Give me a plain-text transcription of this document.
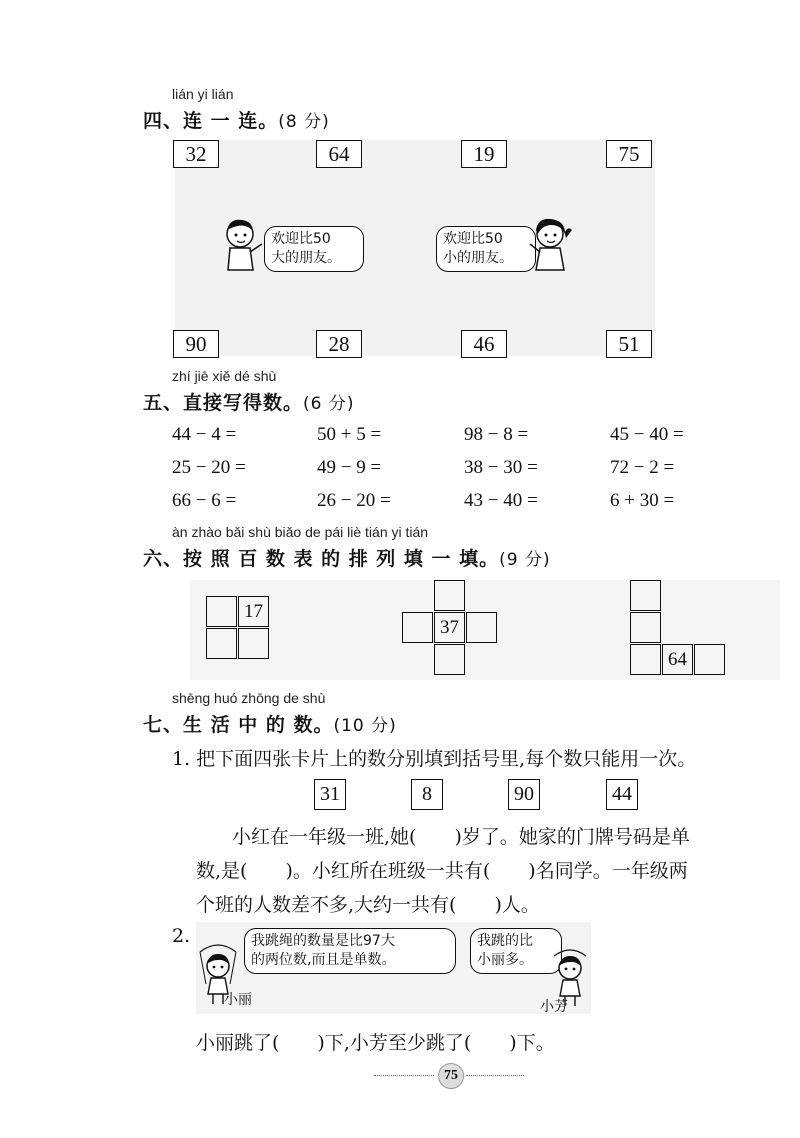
lián yi lián
四、连 一 连。(8 分)
32	64	19	75
欢迎比50
大的朋友。
欢迎比50
小的朋友。
90	28	46	51
zhí jiē xiě dé shù
五、直接写得数。(6 分)
44 − 4 =	50 + 5 =	98 − 8 =	45 − 40 =
25 − 20 =	49 − 9 =	38 − 30 =	72 − 2 =
66 − 6 =	26 − 20 =	43 − 40 =	6 + 30 =
àn zhào bǎi shù biǎo de pái liè tián yi tián
六、按 照 百 数 表 的 排 列 填 一 填。(9 分)
17
37
64
shēng huó zhōng de shù
七、生 活 中 的 数。(10 分)
1. 把下面四张卡片上的数分别填到括号里,每个数只能用一次。
31	8	90	44
小红在一年级一班,她(　　)岁了。她家的门牌号码是单
数,是(　　)。小红所在班级一共有(　　)名同学。一年级两
个班的人数差不多,大约一共有(　　)人。
2.
小丽
我跳绳的数量是比97大
的两位数,而且是单数。
我跳的比
小丽多。
小芳
小丽跳了(　　)下,小芳至少跳了(　　)下。
75
